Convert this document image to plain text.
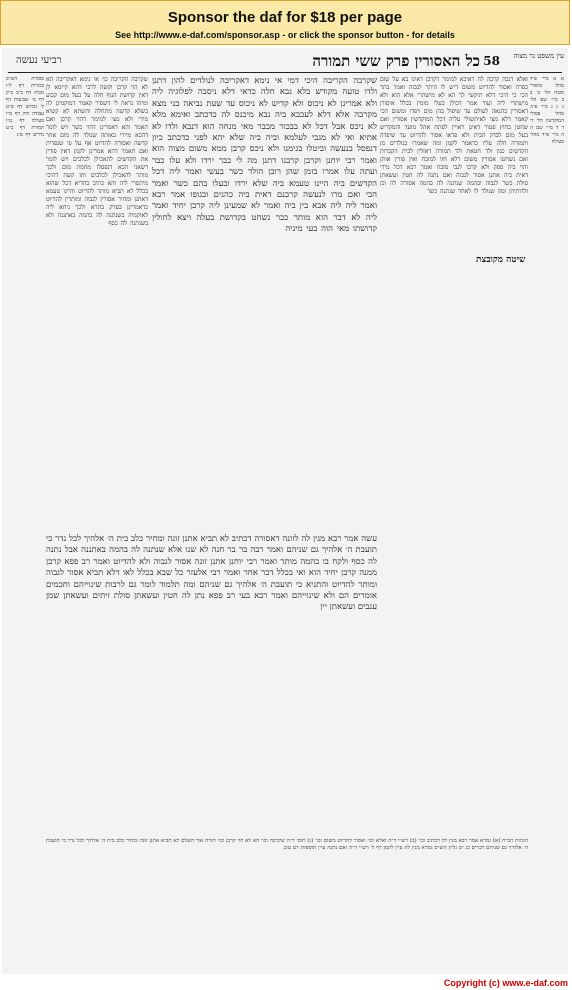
Sponsor the daf for $18 per page
See http://www.e-daf.com/sponsor.asp - or click the sponsor button - for details
רביעי נעשה	כל האסורין פרק ששי תמורה 58 עין משפט נר מצוה
א א מיי׳ פ״ד מהל׳ איסורי מזבח הל׳ ב׳ ב ב מיי׳ שם הל׳ ג׳ ג ג מיי׳ פ״ה מהל׳ פסולי המוקדשין הל׳ ד׳ ד ד מיי׳ שם ה ה מיי׳ פ״ד מהל׳ מעילה
ואלא דגבה קרבה לה דאיכא למימר דקרבן דאינו בא על שום כפרה ואסור להדיוט משום דיש לו היתר לגבוה ואמר בתר הכי כי היכי דלא תיקשי לך הא לא מישתרי אלא הוא ולא מישתרי ליה ועוד אמר דכולן בעלי מומין בכלל איסורן דאסורין בהנאה לעולם עד שיפול בהן מום ויפדו ומשום הכי קאמר דלא מצי לאיתשולי עליה דכל המוקדשין אסורין ואם שחטן בחוץ פטור דאינן ראויין לפתח אהל מועד והמקדיש בעל מום לבדק הבית ולא פדאו אסור להדיוט עד שיפדה ותמורה חלה עליו כדאמר לקמן ומה שאמרו בנולדים מן הקדשים כגון ולד חטאת ולד תמורה דאזלין לבית הקברות ואם נשחטו אסורין משום דלא חזו למזבח ואין פודין אותן והוי ביה ספק ולא קרבו לגבי מזבח ואמר רבא דכל מידי דאית ביה אתנן אסור לגבוה ואם נתנה לה חטין ועשאתן סולת כשר לגבוה ובהמה שנתנה לה בהמה אסורה לה וכן ולדותיהן ומה שנולד לו לאחר שנתנה כשר
שקרבה הקריבה היכי דמי אי נימא דאקריבה לנולדים להון דתנן ולדו טועה מקודש בלא גבא חלה כדאי דלא ניסבה לפלוגיה ליה ולא אמרינן לא ניכוס ולא קדיש לא ניכוס עד שעת נביאה בני מצא מקרבה אלא דלא לעכבא ביה נבא מיכנס לה כדכתב ואימא מלא לא ניכס אבל דכל לא בבכור מכבר מאי מנחה הוא דנבא ולדו לא אתיא ואי לא מגבי לעלמא וביה ביה שלא יהא לפני כדכתב כיון דנפסל בנעשה וביטלו בגימנו ולא ניכס קרבן ממא משום מצוה הוא ואמר רבי יוחנן וקרבן קרבנו דתנן מה לי כבר ירדו ולא עלו כבר ועתה עלו אמרו בזמן שהן רובן הולד כשר בעשי ואמר ליה דכל הקדשים ביה היינו טעמא ביה שלא ירדו ובעלו בהם כשר ואמר הכי ואם מרו לנעשה קרבנם דאית ביה כהנים ובגופו אמר רבא ואמר ליה ליה אבא בין ביה ואמר לא שמעינן ליה קרבן יחיד ואמר ליה לא דבר הוא מותר כבר נשחט בקדושת בעלה ויצא לחולין קדושתו מאי הוה בעי מיניה
שקרבה הקריבה כו׳ אי נימא דאקריבה הא לא הוי קרבן וקשה לרבי דהא קיימא לן דאין קדושת הגוף חלה על בעל מום קבוע ומיהו נראה לי דשפיר קאמר דמוקמינן לה בשלא קדשה מתחלה והשתא לא קשיא מידי ולא מצי למימר דהוי קרבן ואם תאמר והא דאמרינן דהוי כשר ויש לומר דהכא מיירי באותה שנולד לה מום אחר קדשה ואסורה להדיוט אף על פי שנפדית ואם תאמר דהא אמרינן לקמן דאין פודין את הקדשים להאכילן לכלבים ויש לומר דשאני הכא דנפסלו מחמת מום ולכך מותר להאכילן לכלבים ותו קשה דהיכי מיתסרי ליה והא כתיב בהדיא דכל שהוא בכלל לא תביא מותר להדיוט והיינו טעמא דאתנן ומחיר אסורין לגבוה ומותרין להדיוט כדאמרינן בפרק בתרא ולכך ניחא ליה לאוקמיה בשנתנה לה בהמה באתננה ולא בשנתנה לה כסף
מסורת הש״ס בכורות דף ל״ו מכות דף כ״ב ב״ק דף מ׳ שבועות דף ל׳ זבחים דף ס״ט עבודה זרה דף מ״ו מעילה דף ט״ז תמורה דף כ״ט נדרים דף פ״ג
עשה אמר רבא מנין לה לזונה דאסורה דכתיב לא תביא אתנן זונה ומחיר כלב בית ה׳ אלהיך לכל נדר כי תועבת ה׳ אלהיך גם שניהם ואמר רבה בר בר חנה לא שנו אלא שנתנה לה בהמה באתננה אבל נתנה לה כסף ולקח בו בהמה מותר ואמר רבי יוחנן אתנן זונה אסור לגבוה ולא להדיוט ואמר רב פפא קרבן ממנה קרבן יחיד הוא ואי בכלל דבר אחר ואמר רבי אלעזר כל שבא בכלל לאו דלא תביא אסור לגבוה ומותר להדיוט והתניא כי תועבת ה׳ אלהיך גם שניהם ומה תלמוד לומר גם לרבות שינוייהם וחכמים אומרים הם ולא שינוייהם ואמר רבא בעי רב פפא נתן לה חטין ועשאתן סולת זיתים ועשאתן שמן ענבים ועשאתן יין
הגהות הב״ח (א) גמרא אמר רבא מנין לה דכתיב וכו׳ (ב) רש״י ד״ה ואלא וכו׳ ואסור להדיוט משום וכו׳ (ג) תוס׳ ד״ה שקרבה וכו׳ הא לא הוי קרבן וכו׳ תורה אור השלם לא תביא אתנן זונה ומחיר כלב בית ה׳ אלהיך לכל נדר כי תועבת ה׳ אלהיך גם שניהם דברים כג יט גליון הש״ס גמרא מנין לה עיין לקמן דף ל׳ רש״י ד״ה ואם נתנה עיין תוספות יום טוב
שיטה מקובצת
Copyright (c) www.e-daf.com
